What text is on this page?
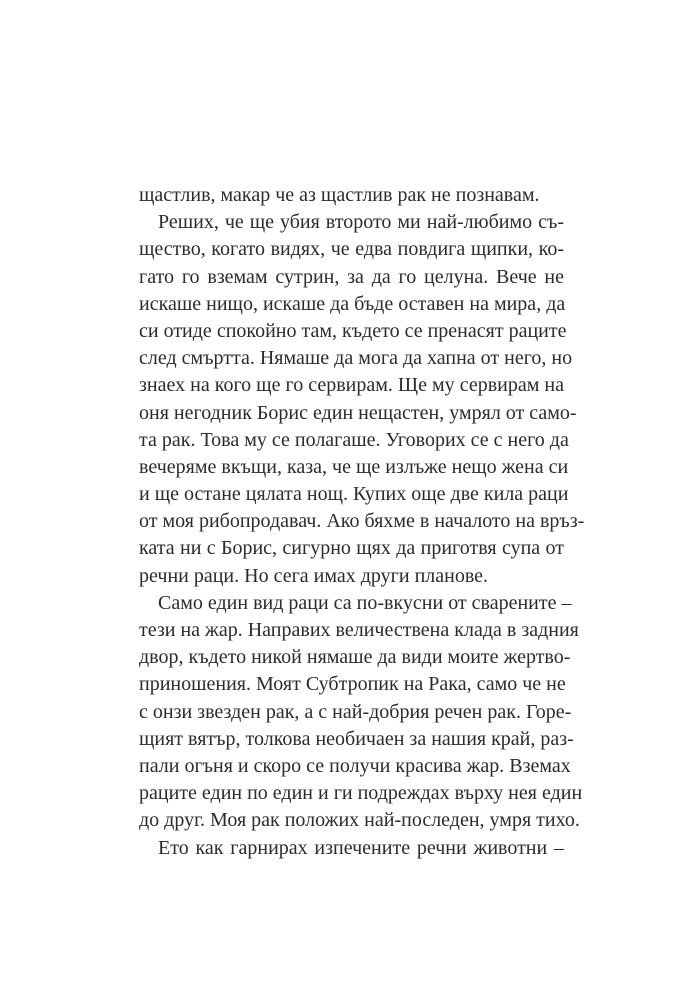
щастлив, макар че аз щастлив рак не познавам.
Реших, че ще убия второто ми най-любимо съ-
щество, когато видях, че едва повдига щипки, ко-
гато го вземам сутрин, за да го целуна. Вече не
искаше нищо, искаше да бъде оставен на мира, да
си отиде спокойно там, където се пренасят раците
след смъртта. Нямаше да мога да хапна от него, но
знаех на кого ще го сервирам. Ще му сервирам на
оня негодник Борис един нещастен, умрял от само-
та рак. Това му се полагаше. Уговорих се с него да
вечеряме вкъщи, каза, че ще излъже нещо жена си
и ще остане цялата нощ. Купих още две кила раци
от моя рибопродавач. Ако бяхме в началото на връз-
ката ни с Борис, сигурно щях да приготвя супа от
речни раци. Но сега имах други планове.
Само един вид раци са по-вкусни от сварените –
тези на жар. Направих величествена клада в задния
двор, където никой нямаше да види моите жертво-
приношения. Моят Субтропик на Рака, само че не
с онзи звезден рак, а с най-добрия речен рак. Горе-
щият вятър, толкова необичаен за нашия край, раз-
пали огъня и скоро се получи красива жар. Вземах
раците един по един и ги подреждах върху нея един
до друг. Моя рак положих най-последен, умря тихо.
Ето как гарнирах изпечените речни животни –
